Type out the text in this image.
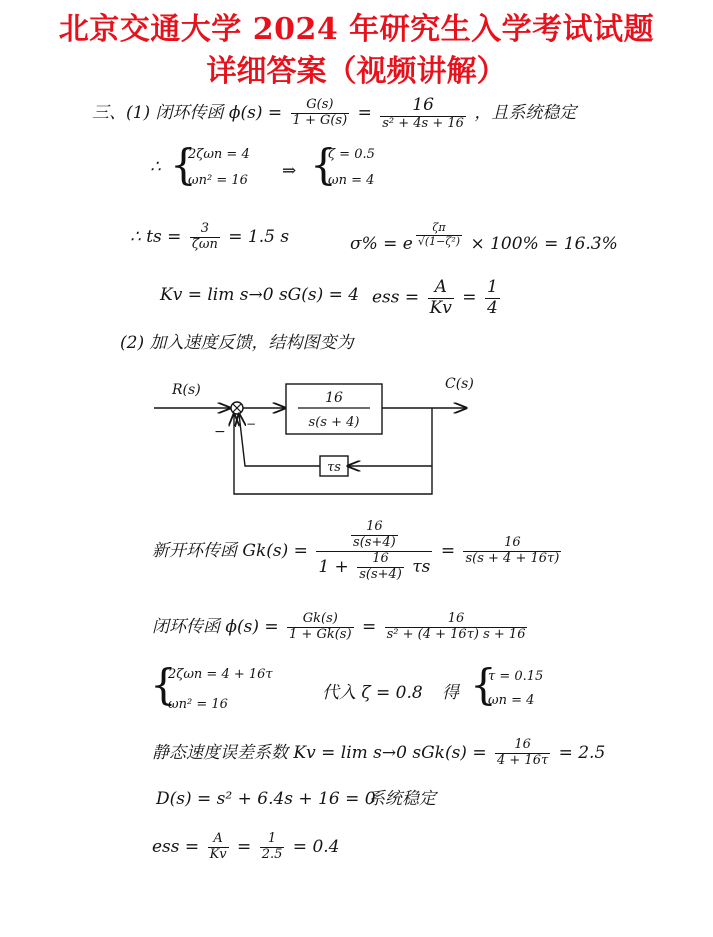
北京交通大学 2024 年研究生入学考试试题
详细答案（视频讲解）
三、(1) 闭环传函 $\phi(s) = \frac{G(s)}{1 + G(s)} = \frac{16}{\text{s² + 4s + 16}}$ ，且系统稳定
∴ {
2ζωn = 4
ωn² = 16 ⇒ {
ζ = 0.5
ωn = 4
∴ ts = $\frac{3}{\text{ζωn}} = 1.5$ s	σ% = e $\frac{\zeta\pi}{\text{√(1−ζ²)}} \times 100\% = 16.3\%$
Kv = lim s→0 sG(s) = 4 ess = $\frac{A}{Kv} = \frac{1}{4}$
(2) 加入速度反馈，结构图变为
R(s)	C(s)
− −
16
s(s + 4)
τs
新开环传函 $Gk(s) = \frac{\frac{16}{s(s+4)}}{1 + \frac{16}{s(s+4)} \tau s} = \frac{16}{s(s + 4 + 16\tau)}$
闭环传函 $\phi(s) = \frac{Gk(s)}{1 + Gk(s)} = \frac{16}{\text{s² + (4 + 16τ) s + 16}}$
{
2ζωn = 4 + 16τ
ωn² = 16
代入 ζ = 0.8 得 {
τ = 0.15
ωn = 4
静态速度误差系数 Kv = lim s→0 $sGk(s) = \frac{16}{4 + 16\tau} = 2.5$
D(s) = s² + 6.4s + 16 = 0
系统稳定
ess = $\frac{A}{Kv} = \frac{1}{2.5} = 0.4$
